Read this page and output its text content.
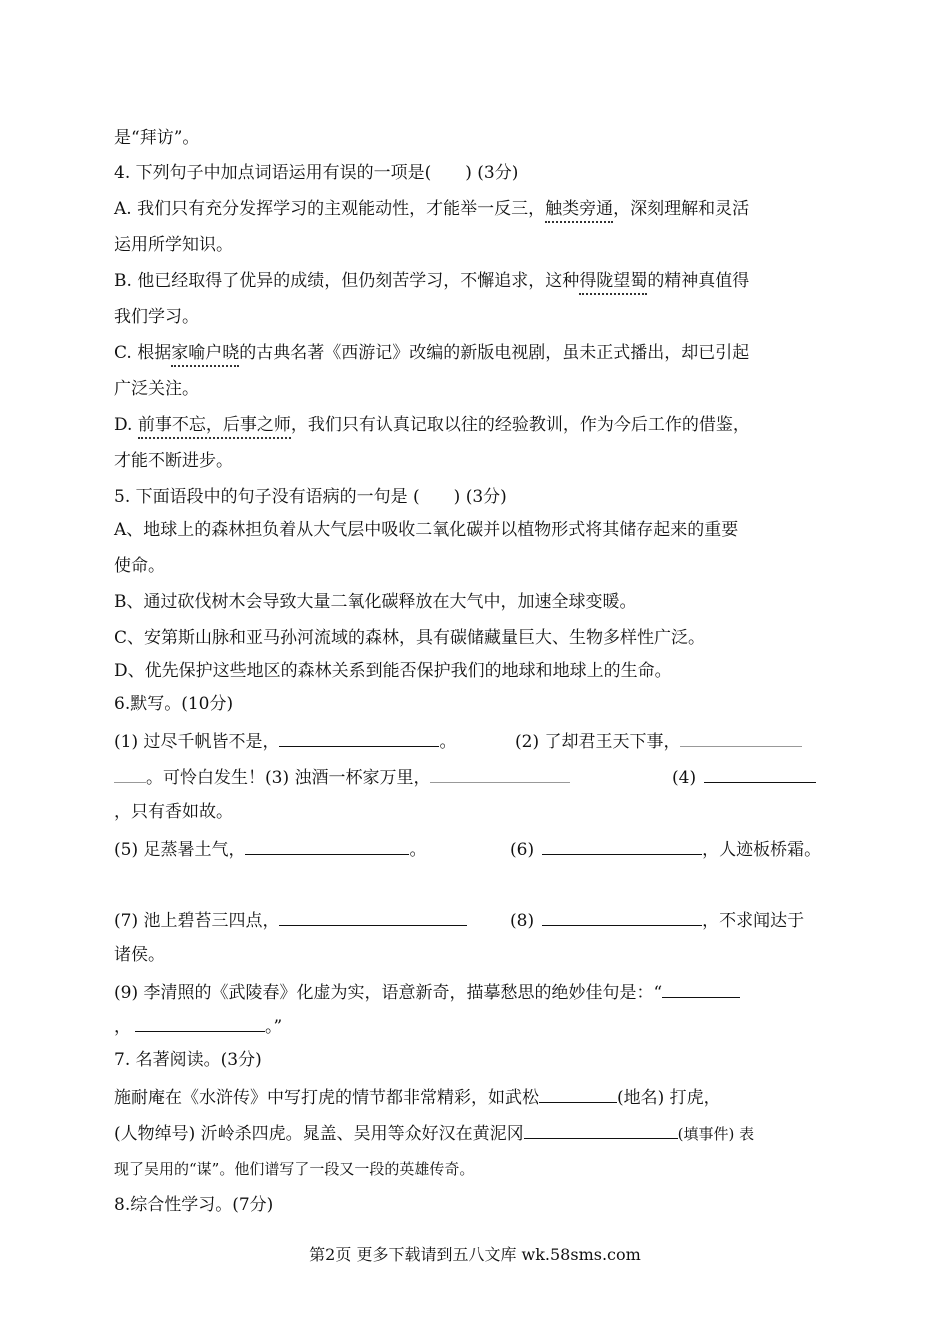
是“拜访”。
4. 下列句子中加点词语运用有误的一项是(　　) (3分)
A. 我们只有充分发挥学习的主观能动性，才能举一反三，触类旁通，深刻理解和灵活
运用所学知识。
B. 他已经取得了优异的成绩，但仍刻苦学习，不懈追求，这种得陇望蜀的精神真值得
我们学习。
C. 根据家喻户晓的古典名著《西游记》改编的新版电视剧，虽未正式播出，却已引起
广泛关注。
D. 前事不忘，后事之师，我们只有认真记取以往的经验教训，作为今后工作的借鉴，
才能不断进步。
5. 下面语段中的句子没有语病的一句是 (　　) (3分)
A、地球上的森林担负着从大气层中吸收二氧化碳并以植物形式将其储存起来的重要
使命。
B、通过砍伐树木会导致大量二氧化碳释放在大气中，加速全球变暖。
C、安第斯山脉和亚马孙河流域的森林，具有碳储藏量巨大、生物多样性广泛。
D、优先保护这些地区的森林关系到能否保护我们的地球和地球上的生命。
6.默写。(10分)
(1) 过尽千帆皆不是，	。	(2) 了却君王天下事，
。可怜白发生！(3) 浊酒一杯家万里，	(4)
，只有香如故。
(5) 足蒸暑土气，	。	(6)	，人迹板桥霜。
(7) 池上碧苔三四点，	(8)	，不求闻达于
诸侯。
(9) 李清照的《武陵春》化虚为实，语意新奇，描摹愁思的绝妙佳句是：“
，	。”
7. 名著阅读。(3分)
施耐庵在《水浒传》中写打虎的情节都非常精彩，如武松	(地名) 打虎，
(人物绰号) 沂岭杀四虎。晁盖、吴用等众好汉在黄泥冈	(填事件) 表
现了吴用的“谋”。他们谱写了一段又一段的英雄传奇。
8.综合性学习。(7分)
第2页 更多下载请到五八文库 wk.58sms.com
